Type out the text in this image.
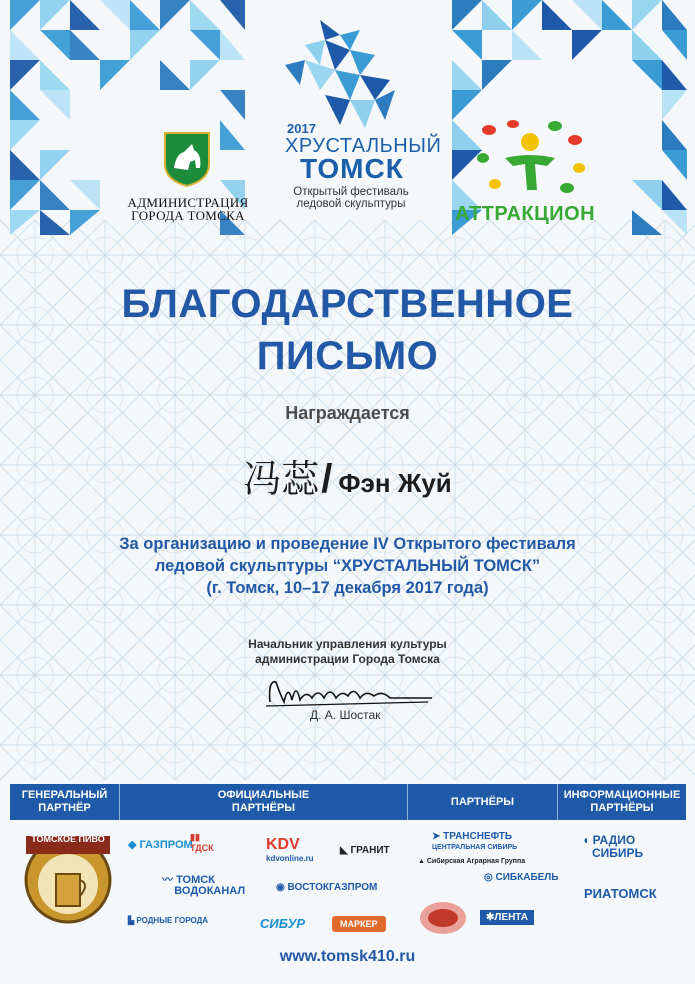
АДМИНИСТРАЦИЯ
ГОРОДА ТОМСКА
2017
ХРУСТАЛЬНЫЙ
ТОМСК
Открытый фестиваль
ледовой скульптуры	АТТРАКЦИОН
БЛАГОДАРСТВЕННОЕ
ПИСЬМО
Награждается
冯蕊/ Фэн Жуй
За организацию и проведение IV Открытого фестиваля
ледовой скульптуры “ХРУСТАЛЬНЫЙ ТОМСК”
(г. Томск, 10–17 декабря 2017 года)
Начальник управления культуры
администрации Города Томска
Д. А. Шостак
ГЕНЕРАЛЬНЫЙ
ПАРТНЁР
ОФИЦИАЛЬНЫЕ
ПАРТНЁРЫ
ПАРТНЁРЫ
ИНФОРМАЦИОННЫЕ
ПАРТНЁРЫ
ТОМСКОЕ ПИВО ◆ ГАЗПРОМ
▮▮
ТДСК	KDV
kdvonline.ru
◣ ГРАНИТ
〰 ТОМСК
ВОДОКАНАЛ	◉ ВОСТОКГАЗПРОМ
▙ РОДНЫЕ ГОРОДА	СИБУР	МАРКЕР
➤ ТРАНСНЕФТЬ
ЦЕНТРАЛЬНАЯ СИБИРЬ
▲ Сибирская Аграрная Группа
◎ СИБКАБЕЛЬ
✱ЛЕНТА
◖ РАДИО
СИБИРЬ
РИАТОМСК
www.tomsk410.ru
